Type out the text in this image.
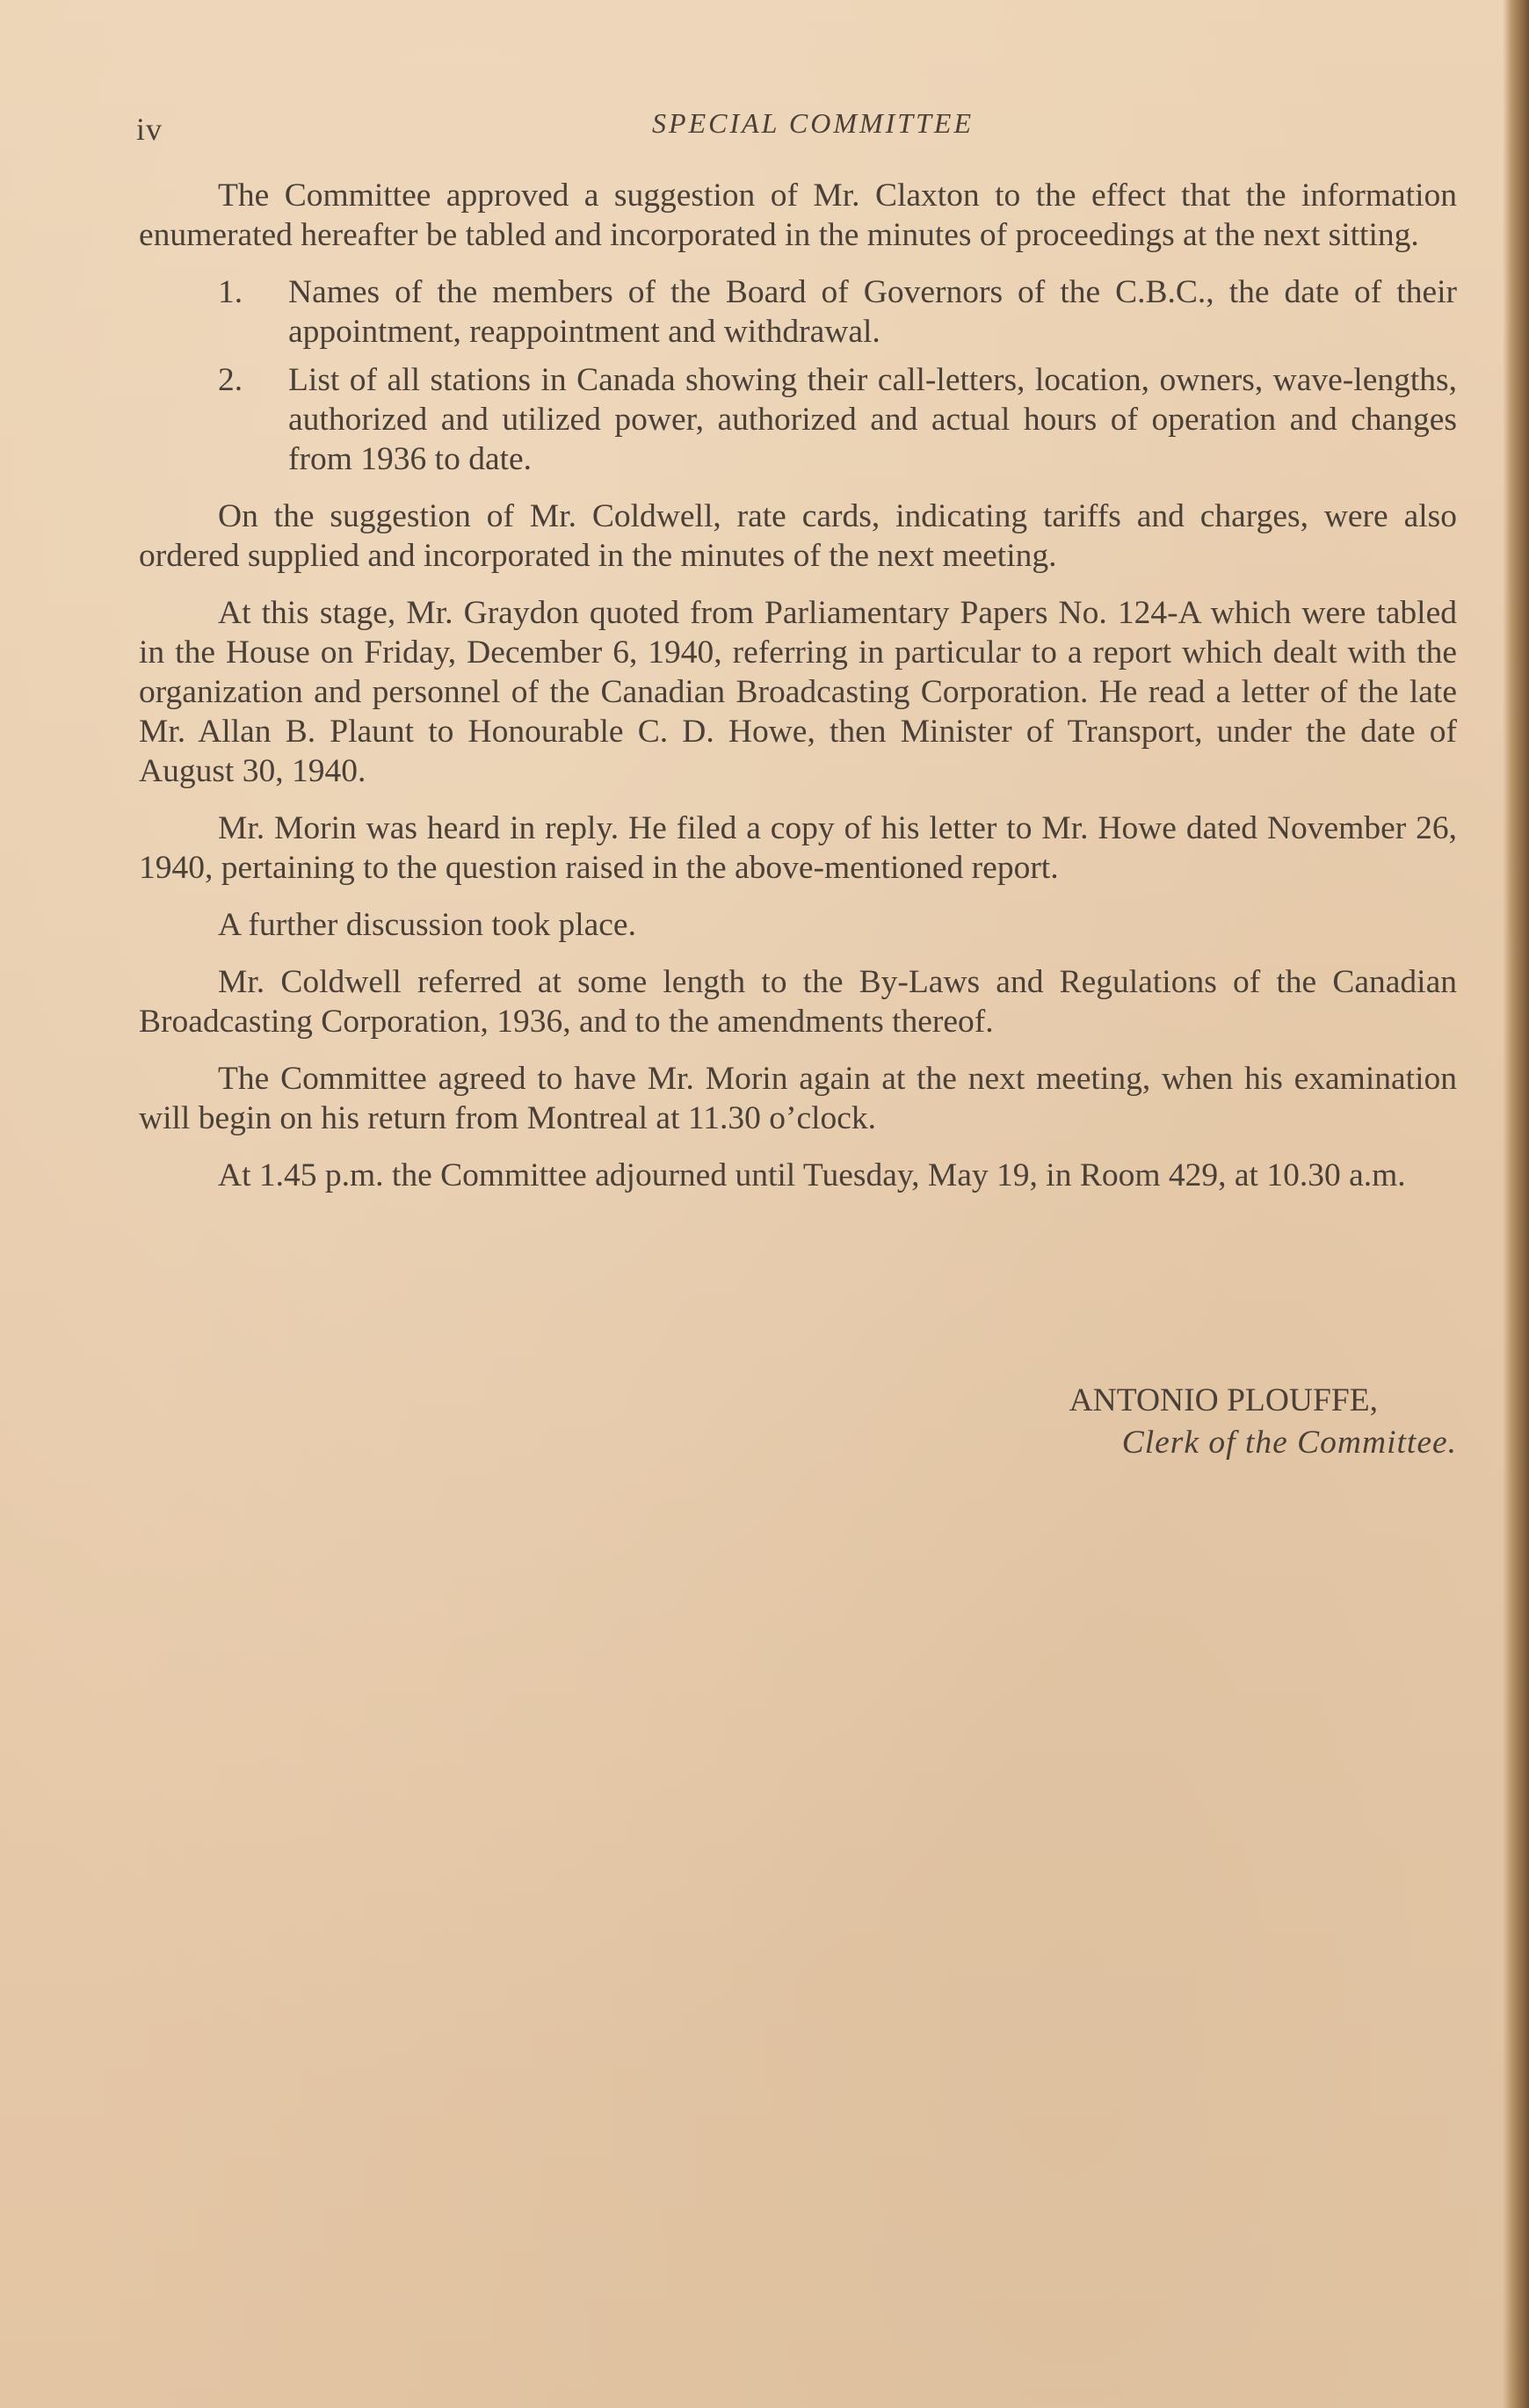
iv	SPECIAL COMMITTEE

The Committee approved a suggestion of Mr. Claxton to the effect that the information enumerated hereafter be tabled and incorporated in the minutes of proceedings at the next sitting.

1. Names of the members of the Board of Governors of the C.B.C., the date of their appointment, reappointment and withdrawal.
2. List of all stations in Canada showing their call-letters, location, owners, wave-lengths, authorized and utilized power, authorized and actual hours of operation and changes from 1936 to date.

On the suggestion of Mr. Coldwell, rate cards, indicating tariffs and charges, were also ordered supplied and incorporated in the minutes of the next meeting.

At this stage, Mr. Graydon quoted from Parliamentary Papers No. 124-A which were tabled in the House on Friday, December 6, 1940, referring in particular to a report which dealt with the organization and personnel of the Canadian Broadcasting Corporation. He read a letter of the late Mr. Allan B. Plaunt to Honourable C. D. Howe, then Minister of Transport, under the date of August 30, 1940.

Mr. Morin was heard in reply. He filed a copy of his letter to Mr. Howe dated November 26, 1940, pertaining to the question raised in the above-mentioned report.

A further discussion took place.

Mr. Coldwell referred at some length to the By-Laws and Regulations of the Canadian Broadcasting Corporation, 1936, and to the amendments thereof.

The Committee agreed to have Mr. Morin again at the next meeting, when his examination will begin on his return from Montreal at 11.30 o’clock.

At 1.45 p.m. the Committee adjourned until Tuesday, May 19, in Room 429, at 10.30 a.m.

ANTONIO PLOUFFE,
Clerk of the Committee.
